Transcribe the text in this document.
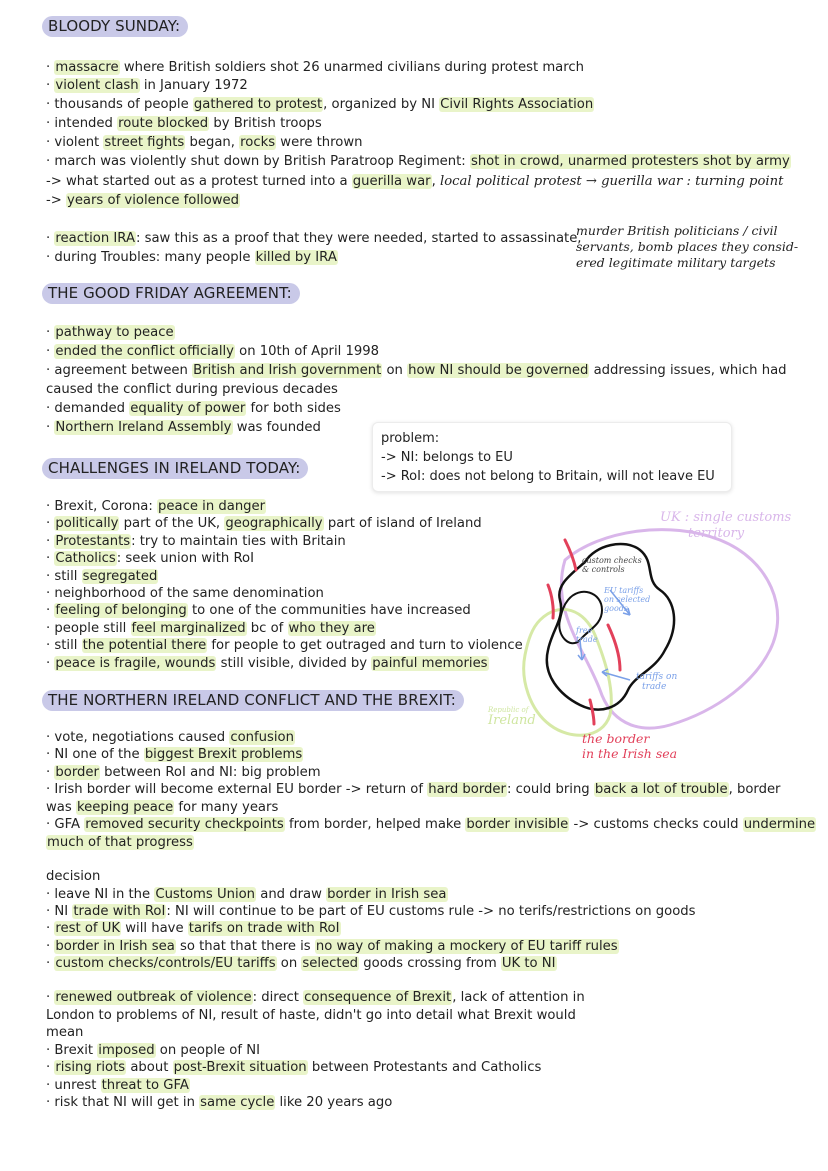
BLOODY SUNDAY:
· massacre where British soldiers shot 26 unarmed civilians during protest march
· violent clash in January 1972
· thousands of people gathered to protest, organized by NI Civil Rights Association
· intended route blocked by British troops
· violent street fights began, rocks were thrown
· march was violently shut down by British Paratroop Regiment: shot in crowd, unarmed protesters shot by army
-> what started out as a protest turned into a guerilla war, local political protest → guerilla war : turning point
-> years of violence followed
· reaction IRA: saw this as a proof that they were needed, started to assassinate,
· during Troubles: many people killed by IRA
murder British politicians / civil
servants, bomb places they consid-
ered legitimate military targets
THE GOOD FRIDAY AGREEMENT:
· pathway to peace
· ended the conflict officially on 10th of April 1998
· agreement between British and Irish government on how NI should be governed addressing issues, which had
caused the conflict during previous decades
· demanded equality of power for both sides
· Northern Ireland Assembly was founded
problem:
-> NI: belongs to EU
-> RoI: does not belong to Britain, will not leave EU
CHALLENGES IN IRELAND TODAY:
· Brexit, Corona: peace in danger
· politically part of the UK, geographically part of island of Ireland
· Protestants: try to maintain ties with Britain
· Catholics: seek union with RoI
· still segregated
· neighborhood of the same denomination
· feeling of belonging to one of the communities have increased
· people still feel marginalized bc of who they are
· still the potential there for people to get outraged and turn to violence
· peace is fragile, wounds still visible, divided by painful memories
UK : single customs
territory
custom checks
& controls
EU tariffs
on selected
goods
free
trade
tariffs on
trade
Republic of
Ireland
the border
in the Irish sea
THE NORTHERN IRELAND CONFLICT AND THE BREXIT:
· vote, negotiations caused confusion
· NI one of the biggest Brexit problems
· border between RoI and NI: big problem
· Irish border will become external EU border -> return of hard border: could bring back a lot of trouble, border
was keeping peace for many years
· GFA removed security checkpoints from border, helped make border invisible -> customs checks could undermine
much of that progress
decision
· leave NI in the Customs Union and draw border in Irish sea
· NI trade with RoI: NI will continue to be part of EU customs rule -> no terifs/restrictions on goods
· rest of UK will have tarifs on trade with RoI
· border in Irish sea so that that there is no way of making a mockery of EU tariff rules
· custom checks/controls/EU tariffs on selected goods crossing from UK to NI
· renewed outbreak of violence: direct consequence of Brexit, lack of attention in
London to problems of NI, result of haste, didn't go into detail what Brexit would
mean
· Brexit imposed on people of NI
· rising riots about post-Brexit situation between Protestants and Catholics
· unrest threat to GFA
· risk that NI will get in same cycle like 20 years ago
